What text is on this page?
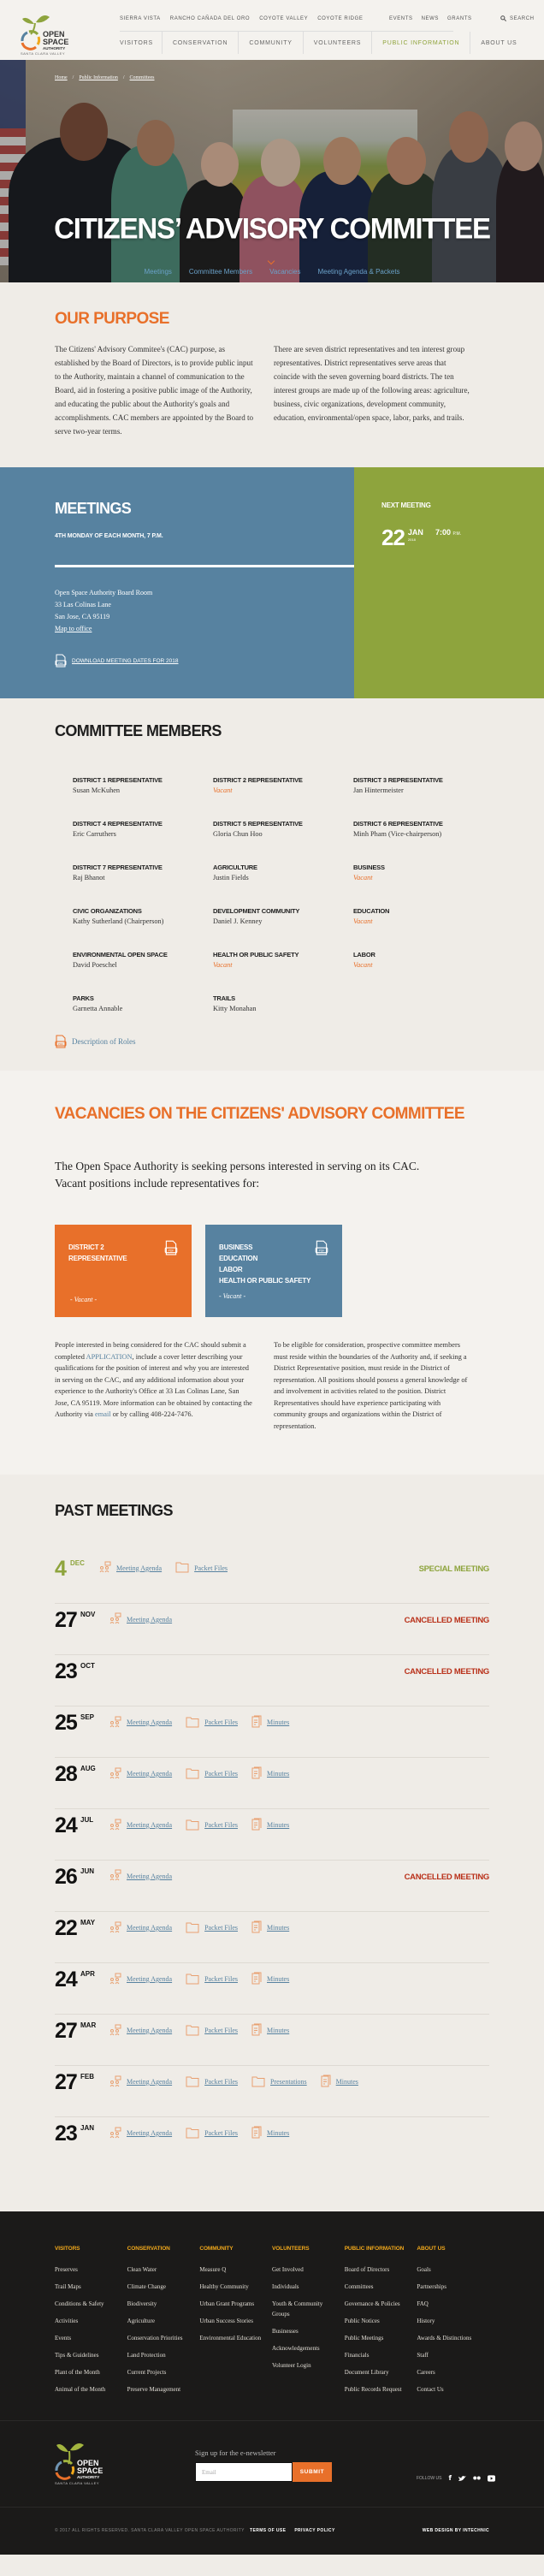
OPEN
SPACE
AUTHORITY
SANTA CLARA VALLEY
SIERRA VISTA RANCHO CAÑADA DEL ORO COYOTE VALLEY COYOTE RIDGE	EVENTS NEWS GRANTS	SEARCH
VISITORS	CONSERVATION	COMMUNITY	VOLUNTEERS	PUBLIC INFORMATION	ABOUT US
Home / Public Information / Committees
CITIZENS’ ADVISORY COMMITTEE
Meetings	Committee Members	Vacancies	Meeting Agenda & Packets
OUR PURPOSE

The Citizens' Advisory Commitee's (CAC) purpose, as established by the Board of Directors, is to provide public input to the Authority, maintain a channel of communication to the Board, aid in fostering a positive public image of the Authority, and educating the public about the Authority's goals and accomplishments. CAC members are appointed by the Board to serve two-year terms.

There are seven district representatives and ten interest group representatives. District representatives serve areas that coincide with the seven governing board districts. The ten interest groups are made up of the following areas: agriculture, business, civic organizations, development community, education, environmental/open space, labor, parks, and trails.

MEETINGS
4TH MONDAY OF EACH MONTH, 7 P.M.
Open Space Authority Board Room
33 Las Colinas Lane
San Jose, CA 95119
Map to office
PDF DOWNLOAD MEETING DATES FOR 2018
NEXT MEETING
22 JAN
2018
7:00 P.M.
COMMITTEE MEMBERS
DISTRICT 1 REPRESENTATIVE
Susan McKuhen
DISTRICT 2 REPRESENTATIVE
Vacant
DISTRICT 3 REPRESENTATIVE
Jan Hintermeister
DISTRICT 4 REPRESENTATIVE
Eric Carruthers
DISTRICT 5 REPRESENTATIVE
Gloria Chun Hoo
DISTRICT 6 REPRESENTATIVE
Minh Pham (Vice-chairperson)
DISTRICT 7 REPRESENTATIVE
Raj Bhanot
AGRICULTURE
Justin Fields
BUSINESS
Vacant
CIVIC ORGANIZATIONS
Kathy Sutherland (Chairperson)
DEVELOPMENT COMMUNITY
Daniel J. Kenney
EDUCATION
Vacant
ENVIRONMENTAL OPEN SPACE
David Poeschel
HEALTH OR PUBLIC SAFETY
Vacant
LABOR
Vacant
PARKS
Garnetta Annable
TRAILS
Kitty Monahan
PDF Description of Roles
VACANCIES ON THE CITIZENS' ADVISORY COMMITTEE

The Open Space Authority is seeking persons interested in serving on its CAC. Vacant positions include representatives for:

DISTRICT 2
REPRESENTATIVE
PDF
- Vacant -
BUSINESS
EDUCATION
LABOR
HEALTH OR PUBLIC SAFETY
PDF
- Vacant -

People interested in being considered for the CAC should submit a completed APPLICATION, include a cover letter describing your qualifications for the position of interest and why you are interested in serving on the CAC, and any additional information about your experience to the Authority's Office at 33 Las Colinas Lane, San Jose, CA 95119. More information can be obtained by contacting the Authority via email or by calling 408-224-7476.

To be eligible for consideration, prospective committee members must reside within the boundaries of the Authority and, if seeking a District Representative position, must reside in the District of representation. All positions should possess a general knowledge of and involvement in activities related to the position. District Representatives should have experience participating with community groups and organizations within the District of representation.

PAST MEETINGS
4 DEC
Meeting Agenda	Packet Files	SPECIAL MEETING
27 NOV
Meeting Agenda	CANCELLED MEETING
23 OCT
CANCELLED MEETING
25 SEP
Meeting Agenda	Packet Files	Minutes
28 AUG
Meeting Agenda	Packet Files	Minutes
24 JUL
Meeting Agenda	Packet Files	Minutes
26 JUN
Meeting Agenda	CANCELLED MEETING
22 MAY
Meeting Agenda	Packet Files	Minutes
24 APR
Meeting Agenda	Packet Files	Minutes
27 MAR
Meeting Agenda	Packet Files	Minutes
27 FEB
Meeting Agenda	Packet Files	Presentations	Minutes
23 JAN
Meeting Agenda	Packet Files	Minutes
VISITORS
Preserves
Trail Maps
Conditions & Safety
Activities
Events
Tips & Guidelines
Plant of the Month
Animal of the Month
CONSERVATION
Clean Water
Climate Change
Biodiversity
Agriculture
Conservation Priorities
Land Protection
Current Projects
Preserve Management
COMMUNITY
Measure Q
Healthy Community
Urban Grant Programs
Urban Success Stories
Environmental Education
VOLUNTEERS
Get Involved
Individuals
Youth & Community Groups
Businesses
Acknowledgements
Volunteer Login
PUBLIC INFORMATION
Board of Directors
Committees
Governance & Policies
Public Notices
Public Meetings
Financials
Document Library
Public Records Request
ABOUT US
Goals
Partnerships
FAQ
History
Awards & Distinctions
Staff
Careers
Contact Us
OPEN
SPACE
AUTHORITY
SANTA CLARA VALLEY
Sign up for the e-newsletter
Email	SUBMIT
FOLLOW US f
© 2017 ALL RIGHTS RESERVED. SANTA CLARA VALLEY OPEN SPACE AUTHORITY TERMS OF USE PRIVACY POLICY	WEB DESIGN BY INTECHNIC
